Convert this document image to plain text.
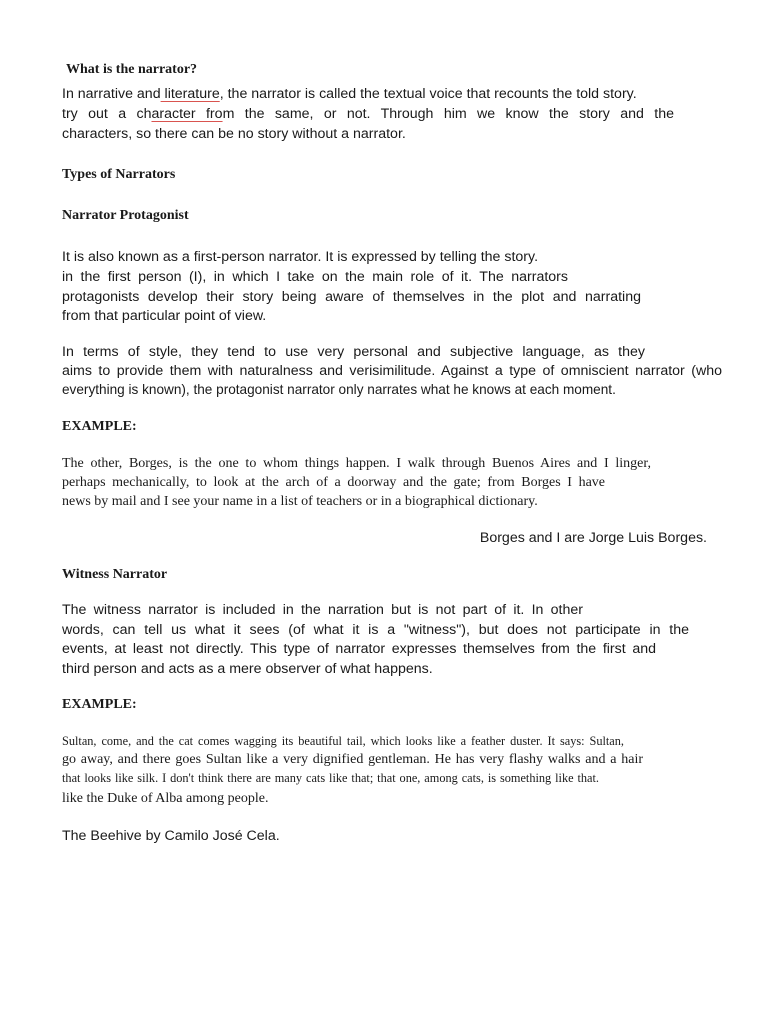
What is the narrator?
In narrative and literature, the narrator is called the textual voice that recounts the told story.
try out a character from the same, or not. Through him we know the story and the
characters, so there can be no story without a narrator.
Types of Narrators
Narrator Protagonist
It is also known as a first-person narrator. It is expressed by telling the story.
in the first person (I), in which I take on the main role of it. The narrators
protagonists develop their story being aware of themselves in the plot and narrating
from that particular point of view.
In terms of style, they tend to use very personal and subjective language, as they
aims to provide them with naturalness and verisimilitude. Against a type of omniscient narrator (who
everything is known), the protagonist narrator only narrates what he knows at each moment.
EXAMPLE:
The other, Borges, is the one to whom things happen. I walk through Buenos Aires and I linger,
perhaps mechanically, to look at the arch of a doorway and the gate; from Borges I have
news by mail and I see your name in a list of teachers or in a biographical dictionary.
Borges and I are Jorge Luis Borges.
Witness Narrator
The witness narrator is included in the narration but is not part of it. In other
words, can tell us what it sees (of what it is a "witness"), but does not participate in the
events, at least not directly. This type of narrator expresses themselves from the first and
third person and acts as a mere observer of what happens.
EXAMPLE:
Sultan, come, and the cat comes wagging its beautiful tail, which looks like a feather duster. It says: Sultan,
go away, and there goes Sultan like a very dignified gentleman. He has very flashy walks and a hair
that looks like silk. I don't think there are many cats like that; that one, among cats, is something like that.
like the Duke of Alba among people.
The Beehive by Camilo José Cela.
